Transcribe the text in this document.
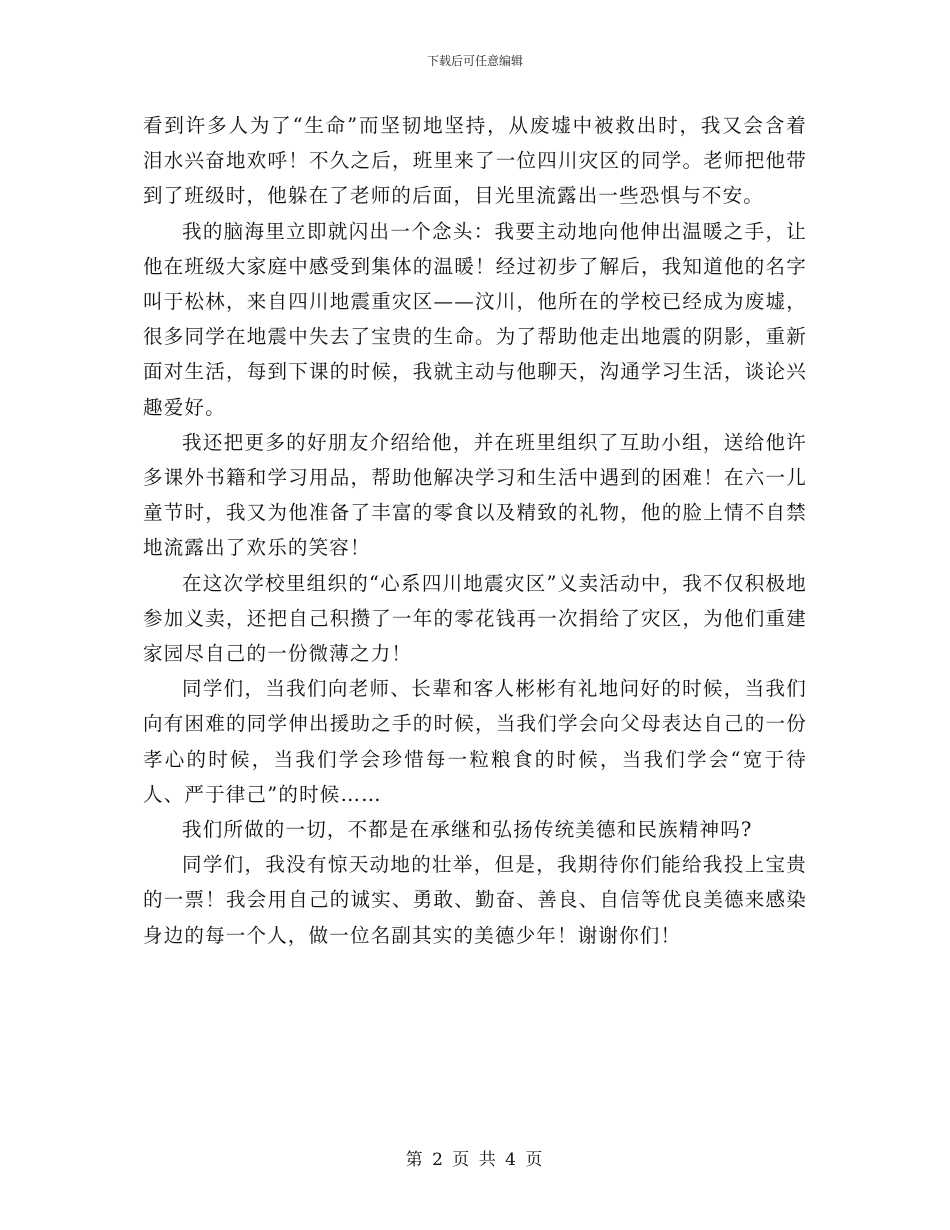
下载后可任意编辑

看到许多人为了“生命”而坚韧地坚持，从废墟中被救出时，我又会含着泪水兴奋地欢呼！不久之后，班里来了一位四川灾区的同学。老师把他带到了班级时，他躲在了老师的后面，目光里流露出一些恐惧与不安。

我的脑海里立即就闪出一个念头：我要主动地向他伸出温暖之手，让他在班级大家庭中感受到集体的温暖！经过初步了解后，我知道他的名字叫于松林，来自四川地震重灾区——汶川，他所在的学校已经成为废墟，很多同学在地震中失去了宝贵的生命。为了帮助他走出地震的阴影，重新面对生活，每到下课的时候，我就主动与他聊天，沟通学习生活，谈论兴趣爱好。

我还把更多的好朋友介绍给他，并在班里组织了互助小组，送给他许多课外书籍和学习用品，帮助他解决学习和生活中遇到的困难！在六一儿童节时，我又为他准备了丰富的零食以及精致的礼物，他的脸上情不自禁地流露出了欢乐的笑容！

在这次学校里组织的“心系四川地震灾区”义卖活动中，我不仅积极地参加义卖，还把自己积攒了一年的零花钱再一次捐给了灾区，为他们重建家园尽自己的一份微薄之力！

同学们，当我们向老师、长辈和客人彬彬有礼地问好的时候，当我们向有困难的同学伸出援助之手的时候，当我们学会向父母表达自己的一份孝心的时候，当我们学会珍惜每一粒粮食的时候，当我们学会“宽于待人、严于律己”的时候……

我们所做的一切，不都是在承继和弘扬传统美德和民族精神吗?

同学们，我没有惊天动地的壮举，但是，我期待你们能给我投上宝贵的一票！我会用自己的诚实、勇敢、勤奋、善良、自信等优良美德来感染身边的每一个人，做一位名副其实的美德少年！谢谢你们！

第 2 页 共 4 页
